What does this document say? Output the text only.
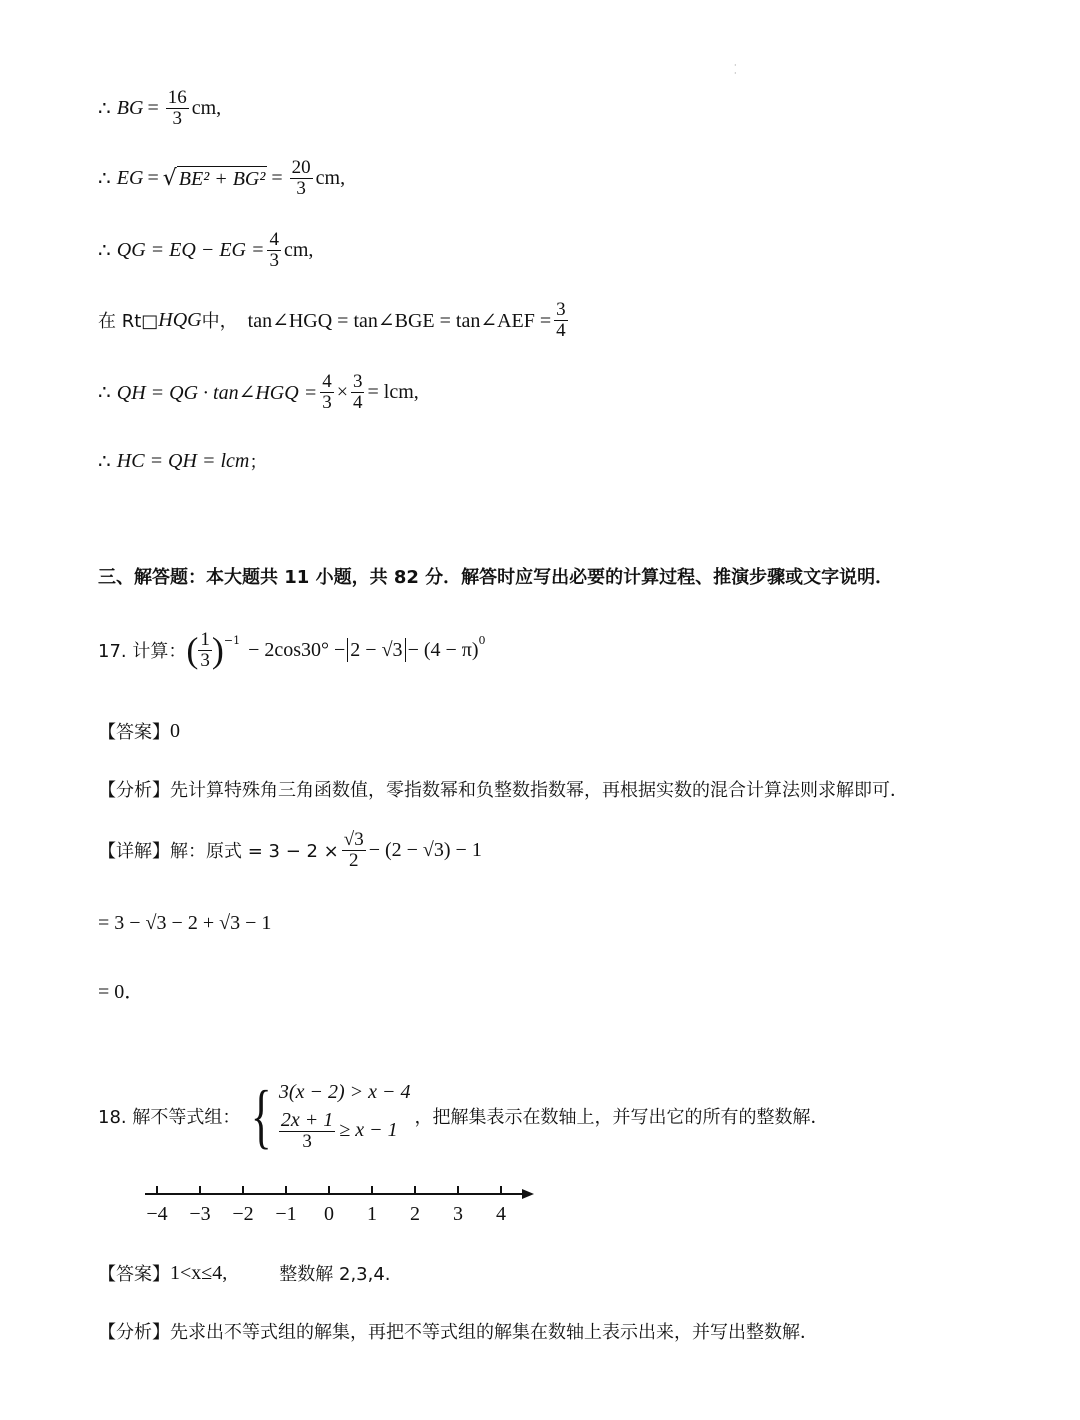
·
·
∴
BG = $\frac{16}{3}$ cm ,
∴
EG = √ $BE^2 + BG^2 = \frac{20}{3}$ cm ,
∴
QG = EQ − EG = $\frac{4}{3}$ cm ,
在 Rt□ HQG 中， tan∠HGQ = tan∠BGE = tan∠AEF = $\frac{3}{4}$
∴
QH = QG · tan∠HGQ = $\frac{4}{3} \times \frac{3}{4}$ = lcm ,
∴
HC = QH = lcm ；
三、解答题：本大题共 11 小题，共 82 分．解答时应写出必要的计算过程、推演步骤或文字说明．
17. 计算： ( $\frac{1}{3} )^{-1} - 2\cos 30^\circ - 2 - √3 - (4 - \pi)^0$
【答案】 0
【分析】 先计算特殊角三角函数值，零指数幂和负整数指数幂，再根据实数的混合计算法则求解即可．
【详解】 解：原式 = $3 - 2 \times \frac{√3}{2} - (2 - √3) - 1$
= 3 − √3 − 2 + √3 − 1
= 0．
18. 解不等式组： { 3(x − 2) > x − 4
$\frac{2x + 1}{3} \ge x - 1$
，把解集表示在数轴上，并写出它的所有的整数解．
−4 −3 −2 −1 0 1 2 3 4
【答案】 1<x≤4,	整数解 2,3,4.
【分析】 先求出不等式组的解集，再把不等式组的解集在数轴上表示出来，并写出整数解．
